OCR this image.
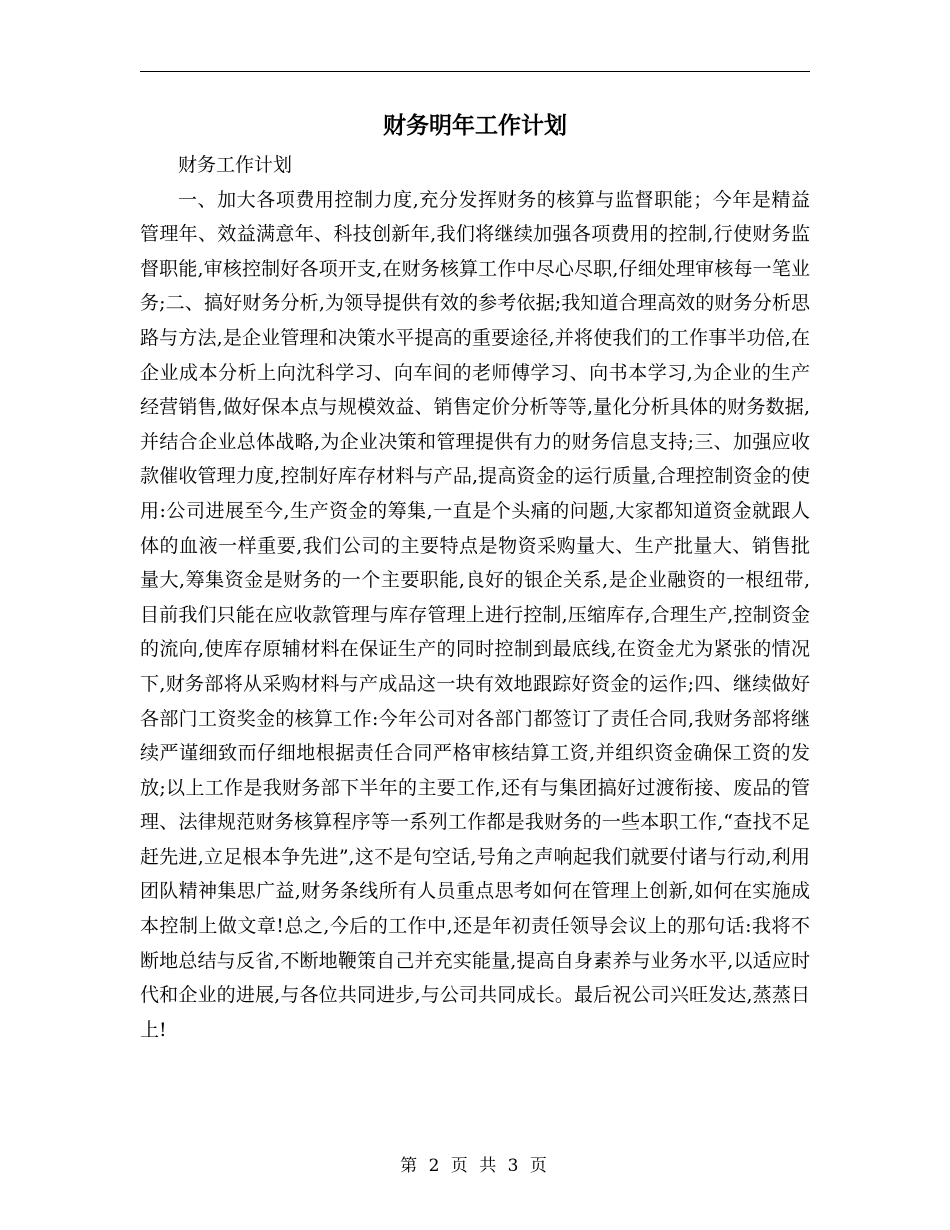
财务明年工作计划

财务工作计划

一、加大各项费用控制力度,充分发挥财务的核算与监督职能；今年是精益管理年、效益满意年、科技创新年,我们将继续加强各项费用的控制,行使财务监督职能,审核控制好各项开支,在财务核算工作中尽心尽职,仔细处理审核每一笔业务;二、搞好财务分析,为领导提供有效的参考依据;我知道合理高效的财务分析思路与方法,是企业管理和决策水平提高的重要途径,并将使我们的工作事半功倍,在企业成本分析上向沈科学习、向车间的老师傅学习、向书本学习,为企业的生产经营销售,做好保本点与规模效益、销售定价分析等等,量化分析具体的财务数据,并结合企业总体战略,为企业决策和管理提供有力的财务信息支持;三、加强应收款催收管理力度,控制好库存材料与产品,提高资金的运行质量,合理控制资金的使用:公司进展至今,生产资金的筹集,一直是个头痛的问题,大家都知道资金就跟人体的血液一样重要,我们公司的主要特点是物资采购量大、生产批量大、销售批量大,筹集资金是财务的一个主要职能,良好的银企关系,是企业融资的一根纽带,目前我们只能在应收款管理与库存管理上进行控制,压缩库存,合理生产,控制资金的流向,使库存原辅材料在保证生产的同时控制到最底线,在资金尤为紧张的情况下,财务部将从采购材料与产成品这一块有效地跟踪好资金的运作;四、继续做好各部门工资奖金的核算工作:今年公司对各部门都签订了责任合同,我财务部将继续严谨细致而仔细地根据责任合同严格审核结算工资,并组织资金确保工资的发放;以上工作是我财务部下半年的主要工作,还有与集团搞好过渡衔接、废品的管理、法律规范财务核算程序等一系列工作都是我财务的一些本职工作,“查找不足赶先进,立足根本争先进”,这不是句空话,号角之声响起我们就要付诸与行动,利用团队精神集思广益,财务条线所有人员重点思考如何在管理上创新,如何在实施成本控制上做文章!总之,今后的工作中,还是年初责任领导会议上的那句话:我将不断地总结与反省,不断地鞭策自己并充实能量,提高自身素养与业务水平,以适应时代和企业的进展,与各位共同进步,与公司共同成长。最后祝公司兴旺发达,蒸蒸日上!

第 2 页 共 3 页
